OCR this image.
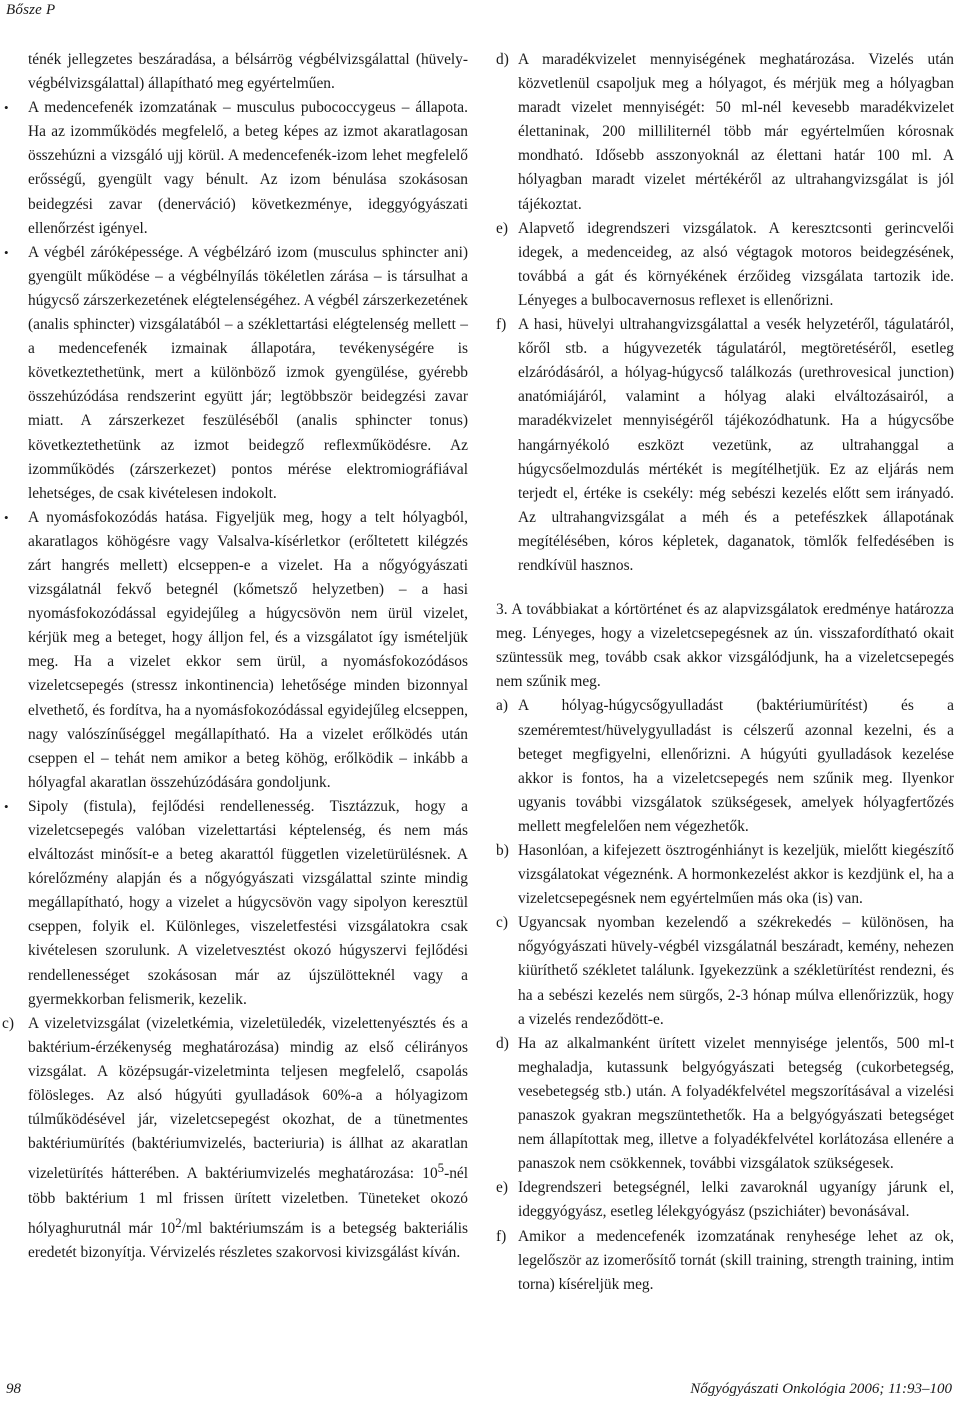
Bősze P

ténék jellegzetes beszáradása, a bélsárrög végbélvizsgálattal (hüvely-végbélvizsgálattal) állapítható meg egyértelműen.

• A medencefenék izomzatának – musculus pubococcygeus – állapota. Ha az izomműködés megfelelő, a beteg képes az izmot akaratlagosan összehúzni a vizsgáló ujj körül. A medencefenék-izom lehet megfelelő erősségű, gyengült vagy bénult. Az izom bénulása szokásosan beidegzési zavar (denerváció) következménye, ideggyógyászati ellenőrzést igényel.
• A végbél záróképessége. A végbélzáró izom (musculus sphincter ani) gyengült működése – a végbélnyílás tökéletlen zárása – is társulhat a húgycső zárszerkezetének elégtelenségéhez. A végbél zárszerkezetének (analis sphincter) vizsgálatából – a széklettartási elégtelenség mellett – a medencefenék izmainak állapotára, tevékenységére is következtethetünk, mert a különböző izmok gyengülése, gyérebb összehúzódása rendszerint együtt jár; legtöbbször beidegzési zavar miatt. A zárszerkezet feszüléséből (analis sphincter tonus) következtethetünk az izmot beidegző reflexműködésre. Az izomműködés (zárszerkezet) pontos mérése elektromiográfiával lehetséges, de csak kivételesen indokolt.
• A nyomásfokozódás hatása. Figyeljük meg, hogy a telt hólyagból, akaratlagos köhögésre vagy Valsalva-kísérletkor (erőltetett kilégzés zárt hangrés mellett) elcseppen-e a vizelet. Ha a nőgyógyászati vizsgálatnál fekvő betegnél (kőmetsző helyzetben) – a hasi nyomásfokozódással egyidejűleg a húgycsövön nem ürül vizelet, kérjük meg a beteget, hogy álljon fel, és a vizsgálatot így ismételjük meg. Ha a vizelet ekkor sem ürül, a nyomásfokozódásos vizeletcsepegés (stressz inkontinencia) lehetősége minden bizonnyal elvethető, és fordítva, ha a nyomásfokozódással egyidejűleg elcseppen, nagy valószínűséggel megállapítható. Ha a vizelet erőlködés után cseppen el – tehát nem amikor a beteg köhög, erőlködik – inkább a hólyagfal akaratlan összehúzódására gondoljunk.
• Sipoly (fistula), fejlődési rendellenesség. Tisztázzuk, hogy a vizeletcsepegés valóban vizelettartási képtelenség, és nem más elváltozást minősít-e a beteg akarattól független vizeletürülésnek. A kórelőzmény alapján és a nőgyógyászati vizsgálattal szinte mindig megállapítható, hogy a vizelet a húgycsövön vagy sipolyon keresztül cseppen, folyik el. Különleges, viszeletfestési vizsgálatokra csak kivételesen szorulunk. A vizeletvesztést okozó húgyszervi fejlődési rendellenességet szokásosan már az újszülötteknél vagy a gyermekkorban felismerik, kezelik.
c) A vizeletvizsgálat (vizeletkémia, vizeletüledék, vizelettenyésztés és a baktérium-érzékenység meghatározása) mindig az első célirányos vizsgálat. A középsugár-vizeletminta teljesen megfelelő, csapolás fölösleges. Az alsó húgyúti gyulladások 60%-a a hólyagizom túlműködésével jár, vizeletcsepegést okozhat, de a tünetmentes baktériumürítés (baktériumvizelés, bacteriuria) is állhat az akaratlan vizeletürítés hátterében. A baktériumvizelés meghatározása: $10^5$-nél több baktérium 1 ml frissen ürített vizeletben. Tüneteket okozó hólyaghurutnál már $10^2/ml$ baktériumszám is a betegség bakteriális eredetét bizonyítja. Vérvizelés részletes szakorvosi kivizsgálást kíván.
d) A maradékvizelet mennyiségének meghatározása. Vizelés után közvetlenül csapoljuk meg a hólyagot, és mérjük meg a hólyagban maradt vizelet mennyiségét: 50 ml-nél kevesebb maradékvizelet élettaninak, 200 milliliternél több már egyértelműen kórosnak mondható. Idősebb asszonyoknál az élettani határ 100 ml. A hólyagban maradt vizelet mértékéről az ultrahangvizsgálat is jól tájékoztat.
e) Alapvető idegrendszeri vizsgálatok. A keresztcsonti gerincvelői idegek, a medenceideg, az alsó végtagok motoros beidegzésének, továbbá a gát és környékének érzőideg vizsgálata tartozik ide. Lényeges a bulbocavernosus reflexet is ellenőrizni.
f) A hasi, hüvelyi ultrahangvizsgálattal a vesék helyzetéről, tágulatáról, kőről stb. a húgyvezeték tágulatáról, megtöretéséről, esetleg elzáródásáról, a hólyag-húgycső találkozás (urethrovesical junction) anatómiájáról, valamint a hólyag alaki elváltozásairól, a maradékvizelet mennyiségéről tájékozódhatunk. Ha a húgycsőbe hangárnyékoló eszközt vezetünk, az ultrahanggal a húgycsőelmozdulás mértékét is megítélhetjük. Ez az eljárás nem terjedt el, értéke is csekély: még sebészi kezelés előtt sem irányadó. Az ultrahangvizsgálat a méh és a petefészkek állapotának megítélésében, kóros képletek, daganatok, tömlők felfedésében is rendkívül hasznos.

3. A továbbiakat a kórtörténet és az alapvizsgálatok eredménye határozza meg. Lényeges, hogy a vizeletcsepegésnek az ún. visszafordítható okait szüntessük meg, tovább csak akkor vizsgálódjunk, ha a vizeletcsepegés nem szűnik meg.

a) A hólyag-húgycsőgyulladást (baktériumürítést) és a szeméremtest/hüvelygyulladást is célszerű azonnal kezelni, és a beteget megfigyelni, ellenőrizni. A húgyúti gyulladások kezelése akkor is fontos, ha a vizeletcsepegés nem szűnik meg. Ilyenkor ugyanis további vizsgálatok szükségesek, amelyek hólyagfertőzés mellett megfelelően nem végezhetők.
b) Hasonlóan, a kifejezett ösztrogénhiányt is kezeljük, mielőtt kiegészítő vizsgálatokat végeznénk. A hormonkezelést akkor is kezdjünk el, ha a vizeletcsepegésnek nem egyértelműen más oka (is) van.
c) Ugyancsak nyomban kezelendő a székrekedés – különösen, ha nőgyógyászati hüvely-végbél vizsgálatnál beszáradt, kemény, nehezen kiüríthető székletet találunk. Igyekezzünk a székletürítést rendezni, és ha a sebészi kezelés nem sürgős, 2-3 hónap múlva ellenőrizzük, hogy a vizelés rendeződött-e.
d) Ha az alkalmanként ürített vizelet mennyisége jelentős, 500 ml-t meghaladja, kutassunk belgyógyászati betegség (cukorbetegség, vesebetegség stb.) után. A folyadékfelvétel megszorításával a vizelési panaszok gyakran megszüntethetők. Ha a belgyógyászati betegséget nem állapítottak meg, illetve a folyadékfelvétel korlátozása ellenére a panaszok nem csökkennek, további vizsgálatok szükségesek.
e) Idegrendszeri betegségnél, lelki zavaroknál ugyanígy járunk el, ideggyógyász, esetleg lélekgyógyász (pszichiáter) bevonásával.
f) Amikor a medencefenék izomzatának renyhesége lehet az ok, legelőször az izomerősítő tornát (skill training, strength training, intim torna) kíséreljük meg.
98	Nőgyógyászati Onkológia 2006; 11:93–100
